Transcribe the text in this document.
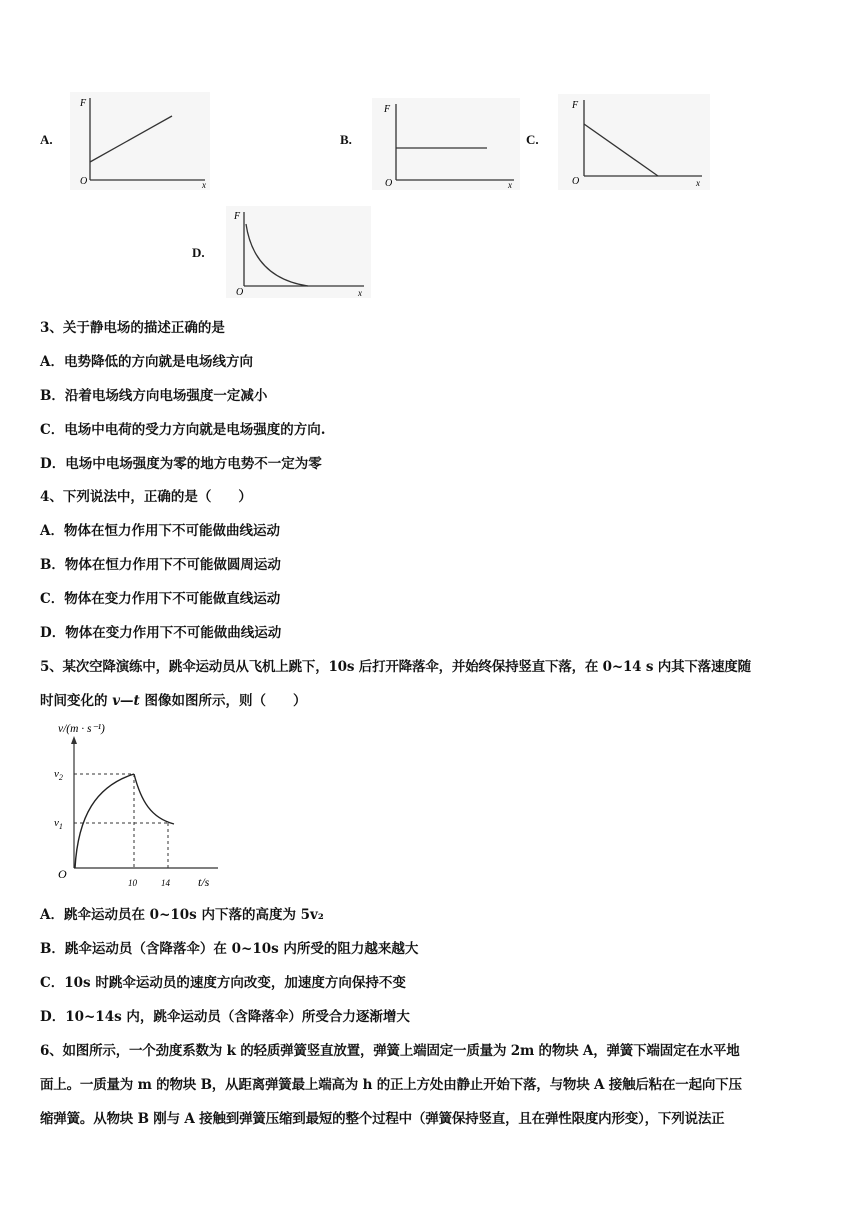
A.
F
O	x
B.
F
O	x
C.
F
O	x
D.
F
O	x
3、关于静电场的描述正确的是
A．电势降低的方向就是电场线方向
B．沿着电场线方向电场强度一定减小
C．电场中电荷的受力方向就是电场强度的方向.
D．电场中电场强度为零的地方电势不一定为零
4、下列说法中，正确的是（　　）
A．物体在恒力作用下不可能做曲线运动
B．物体在恒力作用下不可能做圆周运动
C．物体在变力作用下不可能做直线运动
D．物体在变力作用下不可能做曲线运动
5、某次空降演练中，跳伞运动员从飞机上跳下，10s 后打开降落伞，并始终保持竖直下落，在 0~14 s 内其下落速度随
时间变化的 v—t 图像如图所示，则（　　）
v/(m · s⁻¹)
$v_2$
$v_1$
O
10	14 t/s
A．跳伞运动员在 0~10s 内下落的高度为 5v₂
B．跳伞运动员（含降落伞）在 0~10s 内所受的阻力越来越大
C．10s 时跳伞运动员的速度方向改变，加速度方向保持不变
D．10~14s 内，跳伞运动员（含降落伞）所受合力逐渐增大
6、如图所示，一个劲度系数为 k 的轻质弹簧竖直放置，弹簧上端固定一质量为 2m 的物块 A，弹簧下端固定在水平地
面上。一质量为 m 的物块 B，从距离弹簧最上端高为 h 的正上方处由静止开始下落，与物块 A 接触后粘在一起向下压
缩弹簧。从物块 B 刚与 A 接触到弹簧压缩到最短的整个过程中（弹簧保持竖直，且在弹性限度内形变），下列说法正
